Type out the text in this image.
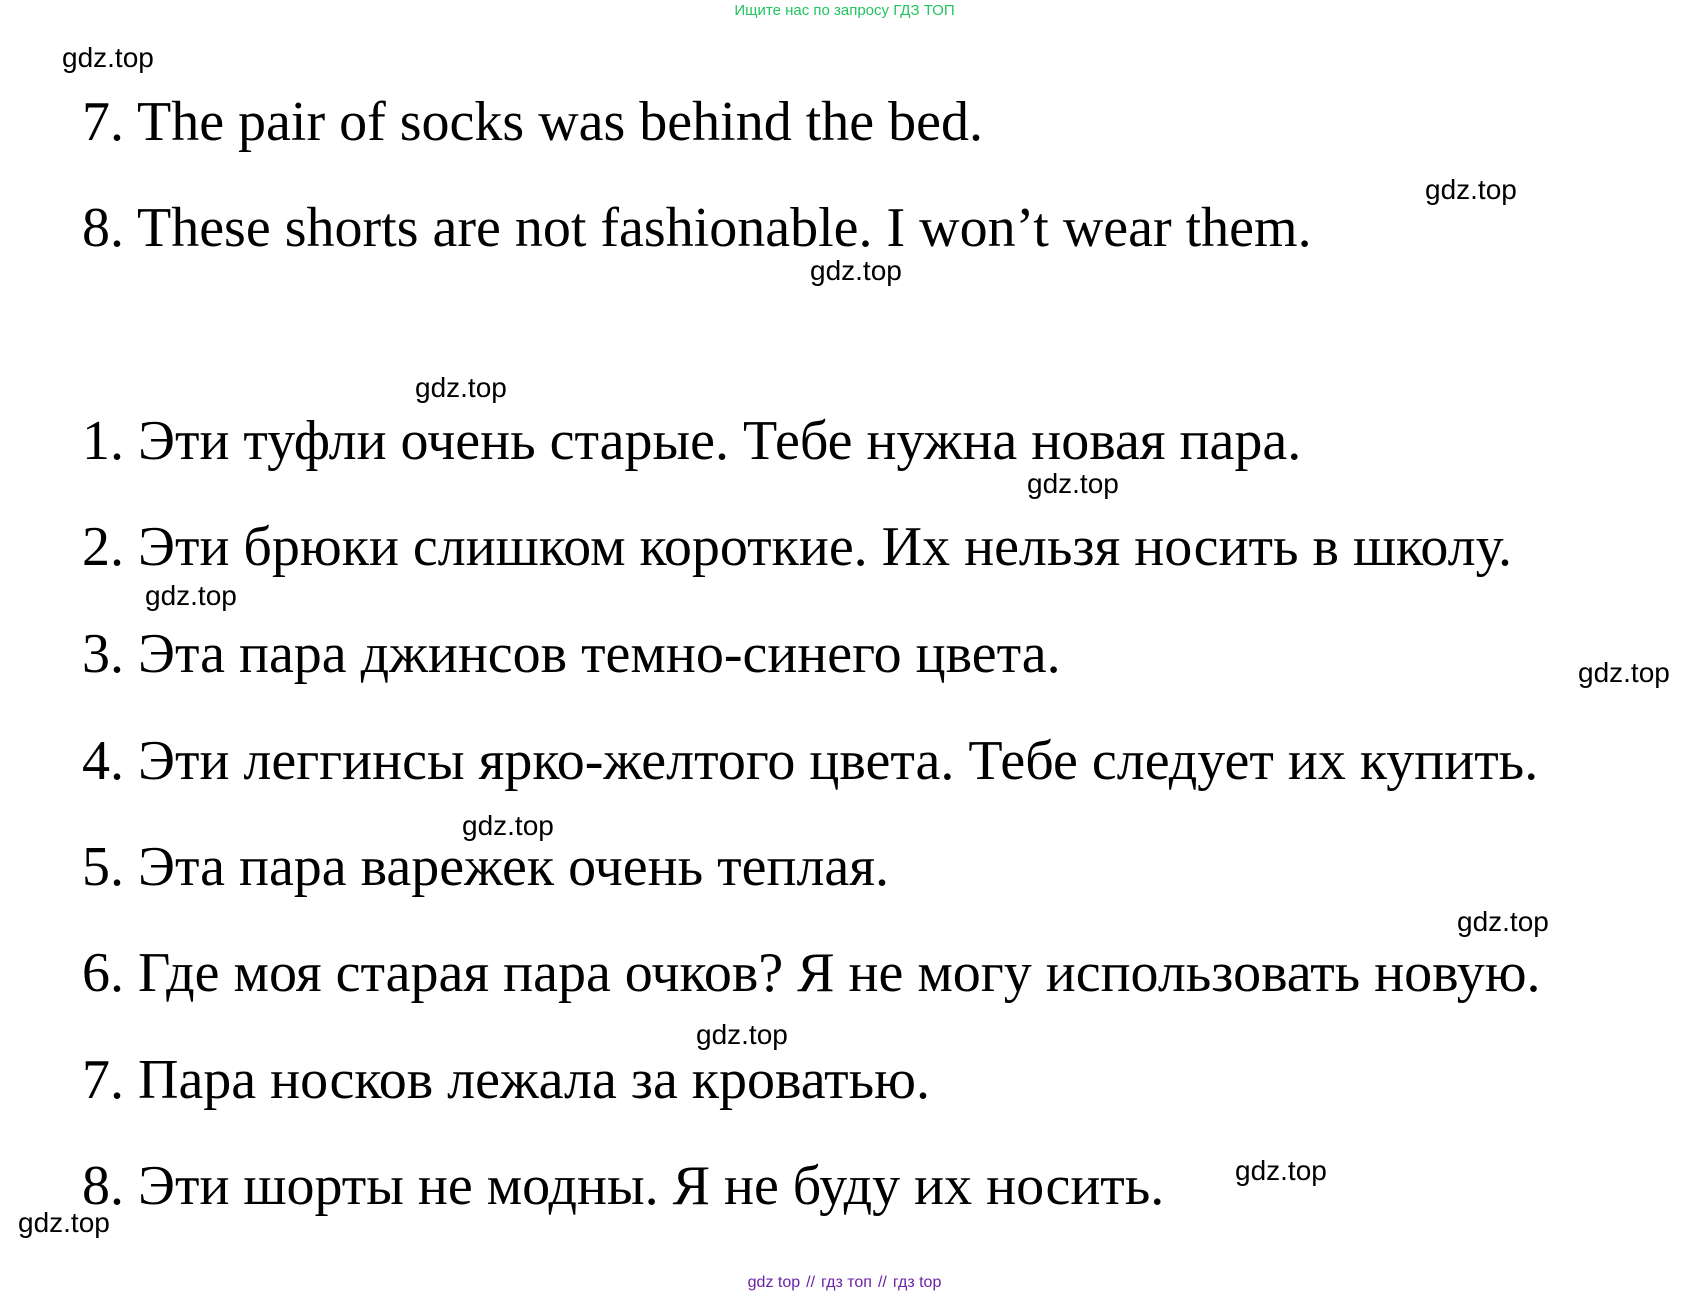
Ищите нас по запросу ГДЗ ТОП
gdz.top
gdz.top
gdz.top
gdz.top
gdz.top
gdz.top
gdz.top
gdz.top
gdz.top
gdz.top
gdz.top
gdz.top
7. The pair of socks was behind the bed.
8. These shorts are not fashionable. I won’t wear them.
1. Эти туфли очень старые. Тебе нужна новая пара.
2. Эти брюки слишком короткие. Их нельзя носить в школу.
3. Эта пара джинсов темно-синего цвета.
4. Эти леггинсы ярко-желтого цвета. Тебе следует их купить.
5. Эта пара варежек очень теплая.
6. Где моя старая пара очков? Я не могу использовать новую.
7. Пара носков лежала за кроватью.
8. Эти шорты не модны. Я не буду их носить.
gdz top // гдз топ // гдз top
